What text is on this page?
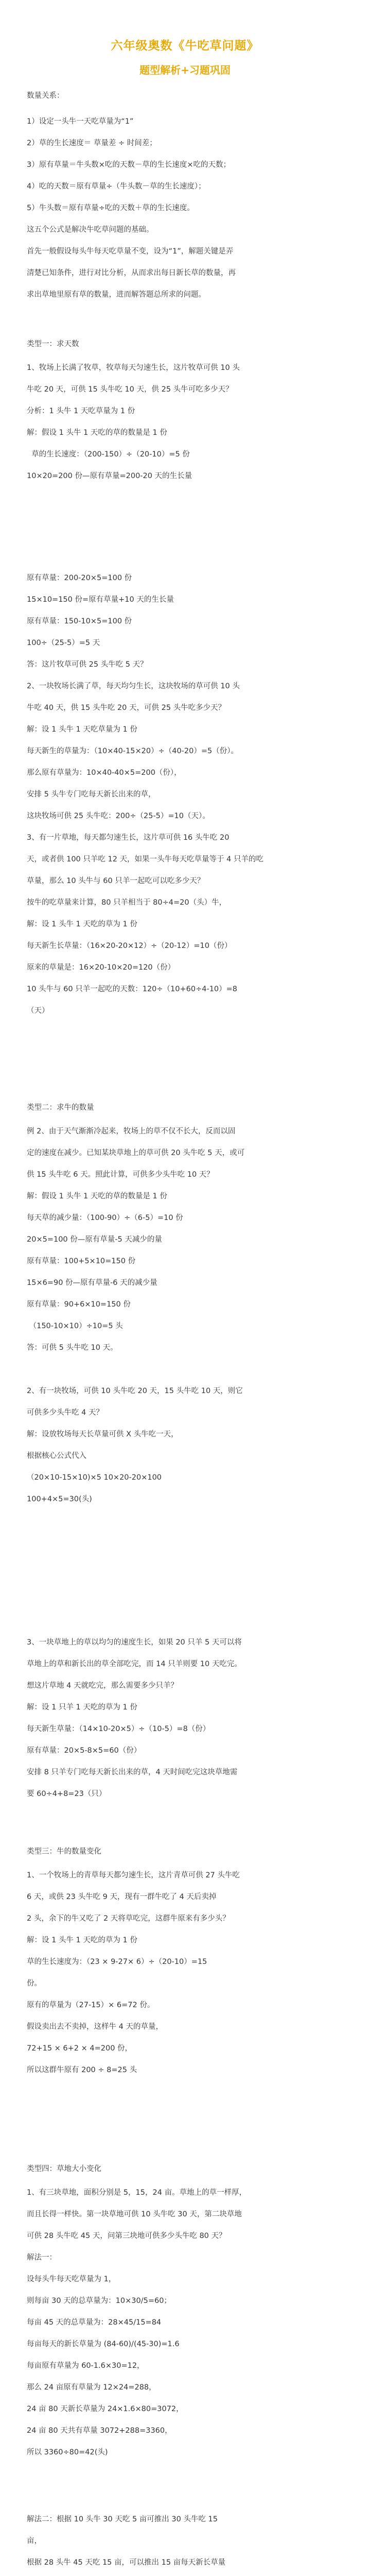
六年级奥数《牛吃草问题》
题型解析+习题巩固
数量关系：
1）设定一头牛一天吃草量为“1”
2）草的生长速度＝ 草量差 ÷ 时间差；
3）原有草量＝牛头数×吃的天数－草的生长速度×吃的天数；
4）吃的天数＝原有草量÷（牛头数－草的生长速度）；
5）牛头数＝原有草量÷吃的天数＋草的生长速度。
这五个公式是解决牛吃草问题的基础。
首先一般假设每头牛每天吃草量不变，设为“1”，解题关键是弄
清楚已知条件，进行对比分析，从而求出每日新长草的数量，再
求出草地里原有草的数量，进而解答题总所求的问题。
类型一：求天数
1、牧场上长满了牧草，牧草每天匀速生长，这片牧草可供 10 头
牛吃 20 天，可供 15 头牛吃 10 天，供 25 头牛可吃多少天？
分析：1 头牛 1 天吃草量为 1 份
解：假设 1 头牛 1 天吃的草的数量是 1 份
草的生长速度：（200-150）÷（20-10）=5 份
10×20=200 份—原有草量=200-20 天的生长量
原有草量：200-20×5=100 份
15×10=150 份=原有草量+10 天的生长量
原有草量：150-10×5=100 份
100÷（25-5）=5 天
答：这片牧草可供 25 头牛吃 5 天？
2、一块牧场长满了草，每天均匀生长，这块牧场的草可供 10 头
牛吃 40 天，供 15 头牛吃 20 天，可供 25 头牛吃多少天？
解：设 1 头牛 1 天吃草量为 1 份
每天新生的草量为：（10×40-15×20）÷（40-20）=5（份）。
那么原有草量为：10×40-40×5=200（份），
安排 5 头牛专门吃每天新长出来的草，
这块牧场可供 25 头牛吃：200÷（25-5）=10（天）。
3、有一片草地，每天都匀速生长，这片草可供 16 头牛吃 20
天，或者供 100 只羊吃 12 天，如果一头牛每天吃草量等于 4 只羊的吃
草量，那么 10 头牛与 60 只羊一起吃可以吃多少天？
按牛的吃草量来计算，80 只羊相当于 80÷4=20（头）牛，
解：设 1 头牛 1 天吃的草为 1 份
每天新生长草量：（16×20-20×12）÷（20-12）=10（份）
原来的草量是：16×20-10×20=120（份）
10 头牛与 60 只羊一起吃的天数：120÷（10+60÷4-10）=8
（天）
类型二：求牛的数量
例 2、由于天气渐渐冷起来，牧场上的草不仅不长大，反而以固
定的速度在减少。已知某块草地上的草可供 20 头牛吃 5 天，或可
供 15 头牛吃 6 天。照此计算，可供多少头牛吃 10 天？
解：假设 1 头牛 1 天吃的草的数量是 1 份
每天草的减少量：（100-90）÷（6-5）=10 份
20×5=100 份—原有草量-5 天减少的量
原有草量：100+5×10=150 份
15×6=90 份—原有草量-6 天的减少量
原有草量：90+6×10=150 份
（150-10×10）÷10=5 头
答：可供 5 头牛吃 10 天。
2、有一块牧场，可供 10 头牛吃 20 天，15 头牛吃 10 天，则它
可供多少头牛吃 4 天？
解：设放牧场每天长草量可供 X 头牛吃一天，
根据核心公式代入
（20×10-15×10)×5 10×20-20×100
100+4×5=30(头)
3、一块草地上的草以均匀的速度生长，如果 20 只羊 5 天可以将
草地上的草和新长出的草全部吃完，而 14 只羊则要 10 天吃完。
想这片草地 4 天就吃完，那么需要多少只羊？
解：设 1 只羊 1 天吃的草为 1 份
每天新生草量：（14×10-20×5）÷（10-5）=8（份）
原有草量：20×5-8×5=60（份）
安排 8 只羊专门吃每天新长出来的草，4 天时间吃完这块草地需
要 60÷4+8=23（只）
类型三：牛的数量变化
1、一个牧场上的青草每天都匀速生长，这片青草可供 27 头牛吃
6 天，或供 23 头牛吃 9 天，现有一群牛吃了 4 天后卖掉
2 头，余下的牛又吃了 2 天将草吃完，这群牛原来有多少头？
解：设 1 头牛 1 天吃的草为 1 份
草的生长速度为：（23 × 9-27× 6）÷（20-10）=15
份。
原有的草量为（27-15）× 6=72 份。
假设卖出去不卖掉，这样牛 4 天的草量，
72+15 × 6+2 × 4=200 份，
所以这群牛原有 200 ÷ 8=25 头
类型四：草地大小变化
1、有三块草地，面积分别是 5，15，24 亩。草地上的草一样厚，
而且长得一样快。第一块草地可供 10 头牛吃 30 天，第二块草地
可供 28 头牛吃 45 天，问第三块地可供多少头牛吃 80 天？
解法一：
设每头牛每天吃草量为 1，
则每亩 30 天的总草量为：10×30/5=60；
每亩 45 天的总草量为：28×45/15=84
每亩每天的新长草量为 (84-60)/(45-30)=1.6
每亩原有草量为 60-1.6×30=12，
那么 24 亩原有草量为 12×24=288，
24 亩 80 天新长草量为 24×1.6×80=3072，
24 亩 80 天共有草量 3072+288=3360，
所以 3360÷80=42(头)
解法二：根据 10 头牛 30 天吃 5 亩可推出 30 头牛吃 15
亩，
根据 28 头牛 45 天吃 15 亩，可以推出 15 亩每天新长草量
